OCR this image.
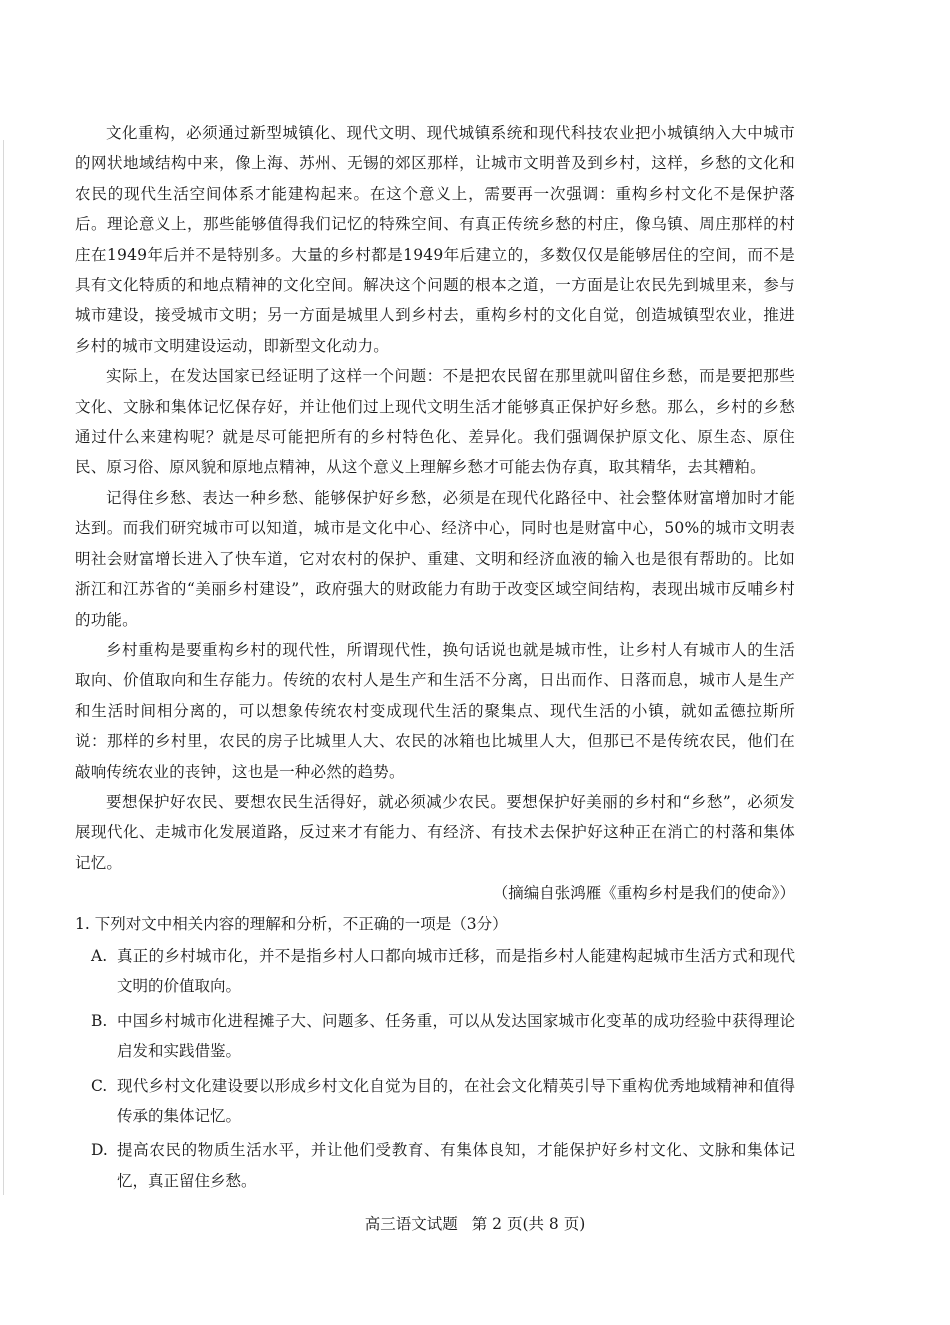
文化重构，必须通过新型城镇化、现代文明、现代城镇系统和现代科技农业把小城镇纳入大中城市的网状地域结构中来，像上海、苏州、无锡的郊区那样，让城市文明普及到乡村，这样，乡愁的文化和农民的现代生活空间体系才能建构起来。在这个意义上，需要再一次强调：重构乡村文化不是保护落后。理论意义上，那些能够值得我们记忆的特殊空间、有真正传统乡愁的村庄，像乌镇、周庄那样的村庄在1949年后并不是特别多。大量的乡村都是1949年后建立的，多数仅仅是能够居住的空间，而不是具有文化特质的和地点精神的文化空间。解决这个问题的根本之道，一方面是让农民先到城里来，参与城市建设，接受城市文明；另一方面是城里人到乡村去，重构乡村的文化自觉，创造城镇型农业，推进乡村的城市文明建设运动，即新型文化动力。

实际上，在发达国家已经证明了这样一个问题：不是把农民留在那里就叫留住乡愁，而是要把那些文化、文脉和集体记忆保存好，并让他们过上现代文明生活才能够真正保护好乡愁。那么，乡村的乡愁通过什么来建构呢？就是尽可能把所有的乡村特色化、差异化。我们强调保护原文化、原生态、原住民、原习俗、原风貌和原地点精神，从这个意义上理解乡愁才可能去伪存真，取其精华，去其糟粕。

记得住乡愁、表达一种乡愁、能够保护好乡愁，必须是在现代化路径中、社会整体财富增加时才能达到。而我们研究城市可以知道，城市是文化中心、经济中心，同时也是财富中心，50%的城市文明表明社会财富增长进入了快车道，它对农村的保护、重建、文明和经济血液的输入也是很有帮助的。比如浙江和江苏省的“美丽乡村建设”，政府强大的财政能力有助于改变区域空间结构，表现出城市反哺乡村的功能。

乡村重构是要重构乡村的现代性，所谓现代性，换句话说也就是城市性，让乡村人有城市人的生活取向、价值取向和生存能力。传统的农村人是生产和生活不分离，日出而作、日落而息，城市人是生产和生活时间相分离的，可以想象传统农村变成现代生活的聚集点、现代生活的小镇，就如孟德拉斯所说：那样的乡村里，农民的房子比城里人大、农民的冰箱也比城里人大，但那已不是传统农民，他们在敲响传统农业的丧钟，这也是一种必然的趋势。

要想保护好农民、要想农民生活得好，就必须减少农民。要想保护好美丽的乡村和“乡愁”，必须发展现代化、走城市化发展道路，反过来才有能力、有经济、有技术去保护好这种正在消亡的村落和集体记忆。

（摘编自张鸿雁《重构乡村是我们的使命》）

1. 下列对文中相关内容的理解和分析，不正确的一项是（3分）

A. 真正的乡村城市化，并不是指乡村人口都向城市迁移，而是指乡村人能建构起城市生活方式和现代文明的价值取向。
B. 中国乡村城市化进程摊子大、问题多、任务重，可以从发达国家城市化变革的成功经验中获得理论启发和实践借鉴。
C. 现代乡村文化建设要以形成乡村文化自觉为目的，在社会文化精英引导下重构优秀地域精神和值得传承的集体记忆。
D. 提高农民的物质生活水平，并让他们受教育、有集体良知，才能保护好乡村文化、文脉和集体记忆，真正留住乡愁。
高三语文试题 第 2 页(共 8 页)
